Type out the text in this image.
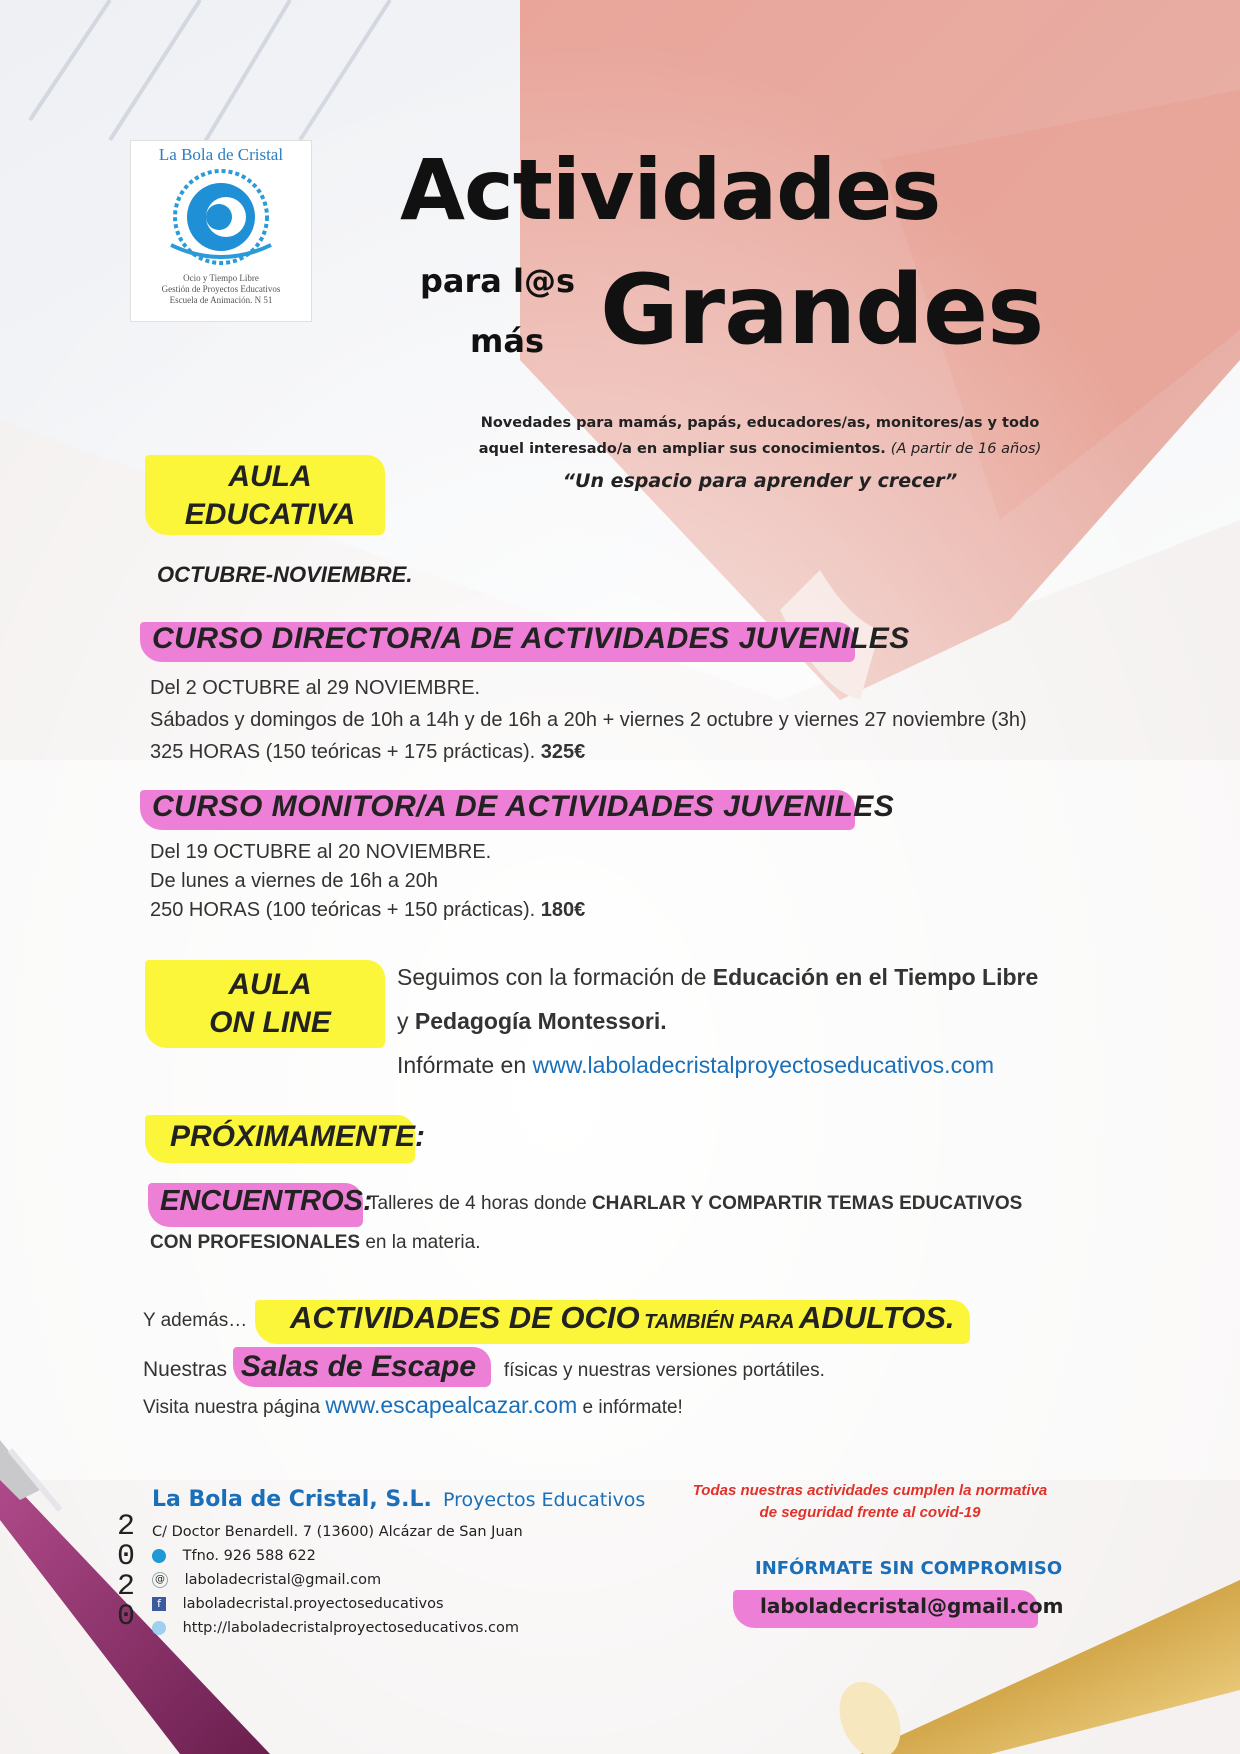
La Bola de Cristal
Ocio y Tiempo Libre
Gestión de Proyectos Educativos
Escuela de Animación. N 51
Actividades
para l@s
más Grandes
Novedades para mamás, papás, educadores/as, monitores/as y todo
aquel interesado/a en ampliar sus conocimientos. (A partir de 16 años)
“Un espacio para aprender y crecer”
AULA
EDUCATIVA
OCTUBRE-NOVIEMBRE.
CURSO DIRECTOR/A DE ACTIVIDADES JUVENILES
Del 2 OCTUBRE al 29 NOVIEMBRE.
Sábados y domingos de 10h a 14h y de 16h a 20h + viernes 2 octubre y viernes 27 noviembre (3h)
325 HORAS (150 teóricas + 175 prácticas). 325€
CURSO MONITOR/A DE ACTIVIDADES JUVENILES
Del 19 OCTUBRE al 20 NOVIEMBRE.
De lunes a viernes de 16h a 20h
250 HORAS (100 teóricas + 150 prácticas). 180€
AULA
ON LINE
Seguimos con la formación de Educación en el Tiempo Libre
y Pedagogía Montessori.
Infórmate en www.laboladecristalproyectoseducativos.com
PRÓXIMAMENTE:
ENCUENTROS:
Talleres de 4 horas donde CHARLAR Y COMPARTIR TEMAS EDUCATIVOS
CON PROFESIONALES en la materia.
Y además… ACTIVIDADES DE OCIO TAMBIÉN PARA ADULTOS.
Nuestras Salas de Escape físicas y nuestras versiones portátiles.
Visita nuestra página www.escapealcazar.com e infórmate!
La Bola de Cristal, S.L. Proyectos Educativos
2020
C/ Doctor Benardell. 7 (13600) Alcázar de San Juan
Tfno. 926 588 622
@ laboladecristal@gmail.com
f laboladecristal.proyectoseducativos
http://laboladecristalproyectoseducativos.com
Todas nuestras actividades cumplen la normativa
de seguridad frente al covid-19
INFÓRMATE SIN COMPROMISO
laboladecristal@gmail.com
